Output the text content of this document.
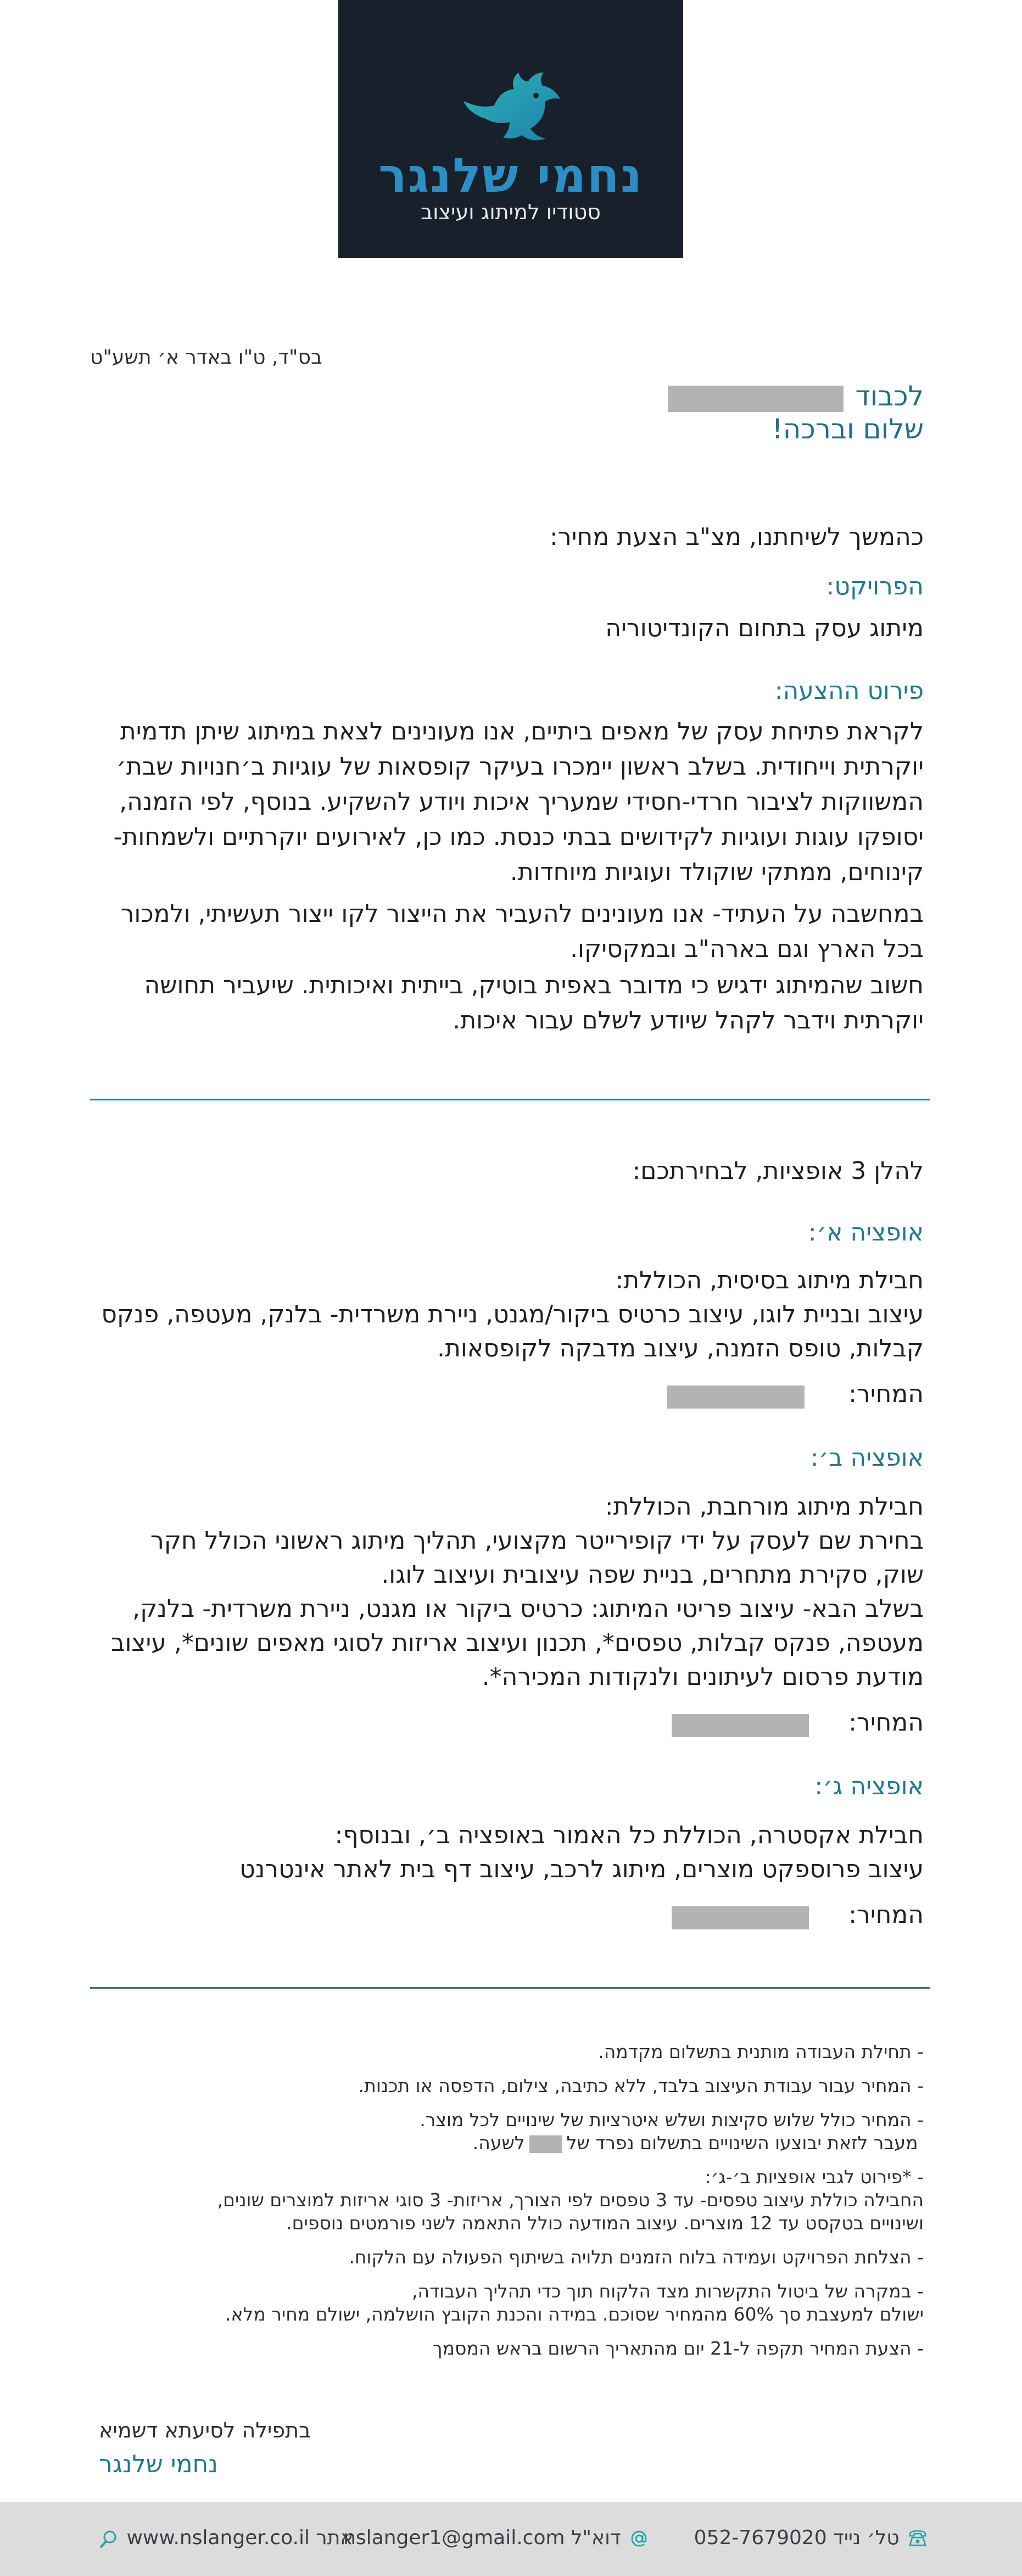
נחמי שלנגר
סטודיו למיתוג ועיצוב
בס"ד, ט"ו באדר א׳ תשע"ט
לכבוד
שלום וברכה!
כהמשך לשיחתנו, מצ"ב הצעת מחיר:
הפרויקט:
מיתוג עסק בתחום הקונדיטוריה
פירוט ההצעה:
לקראת פתיחת עסק של מאפים ביתיים, אנו מעונינים לצאת במיתוג שיתן תדמית
יוקרתית וייחודית. בשלב ראשון יימכרו בעיקר קופסאות של עוגיות ב׳חנויות שבת׳
המשווקות לציבור חרדי-חסידי שמעריך איכות ויודע להשקיע. בנוסף, לפי הזמנה,
יסופקו עוגות ועוגיות לקידושים בבתי כנסת. כמו כן, לאירועים יוקרתיים ולשמחות-
קינוחים, ממתקי שוקולד ועוגיות מיוחדות.
במחשבה על העתיד- אנו מעונינים להעביר את הייצור לקו ייצור תעשיתי, ולמכור
בכל הארץ וגם בארה"ב ובמקסיקו.
חשוב שהמיתוג ידגיש כי מדובר באפית בוטיק, בייתית ואיכותית. שיעביר תחושה
יוקרתית וידבר לקהל שיודע לשלם עבור איכות.
להלן 3 אופציות, לבחירתכם:
אופציה א׳:
חבילת מיתוג בסיסית, הכוללת:
עיצוב ובניית לוגו, עיצוב כרטיס ביקור/מגנט, ניירת משרדית- בלנק, מעטפה, פנקס
קבלות, טופס הזמנה, עיצוב מדבקה לקופסאות.
המחיר:
אופציה ב׳:
חבילת מיתוג מורחבת, הכוללת:
בחירת שם לעסק על ידי קופירייטר מקצועי, תהליך מיתוג ראשוני הכולל חקר
שוק, סקירת מתחרים, בניית שפה עיצובית ועיצוב לוגו.
בשלב הבא- עיצוב פריטי המיתוג: כרטיס ביקור או מגנט, ניירת משרדית- בלנק,
מעטפה, פנקס קבלות, טפסים*, תכנון ועיצוב אריזות לסוגי מאפים שונים*, עיצוב
מודעת פרסום לעיתונים ולנקודות המכירה*.
המחיר:
אופציה ג׳:
חבילת אקסטרה, הכוללת כל האמור באופציה ב׳, ובנוסף:
עיצוב פרוספקט מוצרים, מיתוג לרכב, עיצוב דף בית לאתר אינטרנט
המחיר:
- תחילת העבודה מותנית בתשלום מקדמה.
- המחיר עבור עבודת העיצוב בלבד, ללא כתיבה, צילום, הדפסה או תכנות.
- המחיר כולל שלוש סקיצות ושלש איטרציות של שינויים לכל מוצר.
מעבר לזאת יבוצעו השינויים בתשלום נפרד שללשעה.
- *פירוט לגבי אופציות ב׳-ג׳:
החבילה כוללת עיצוב טפסים- עד 3 טפסים לפי הצורך, אריזות- 3 סוגי אריזות למוצרים שונים,
ושינויים בטקסט עד 12 מוצרים. עיצוב המודעה כולל התאמה לשני פורמטים נוספים.
- הצלחת הפרויקט ועמידה בלוח הזמנים תלויה בשיתוף הפעולה עם הלקוח.
- במקרה של ביטול התקשרות מצד הלקוח תוך כדי תהליך העבודה,
ישולם למעצבת סך 60% מהמחיר שסוכם. במידה והכנת הקובץ הושלמה, ישולם מחיר מלא.
- הצעת המחיר תקפה ל-21 יום מהתאריך הרשום בראש המסמך
בתפילה לסיעתא דשמיא
נחמי שלנגר
טל׳ נייד 052-7679020
דוא"ל nslanger1@gmail.com
אתר www.nslanger.co.il
